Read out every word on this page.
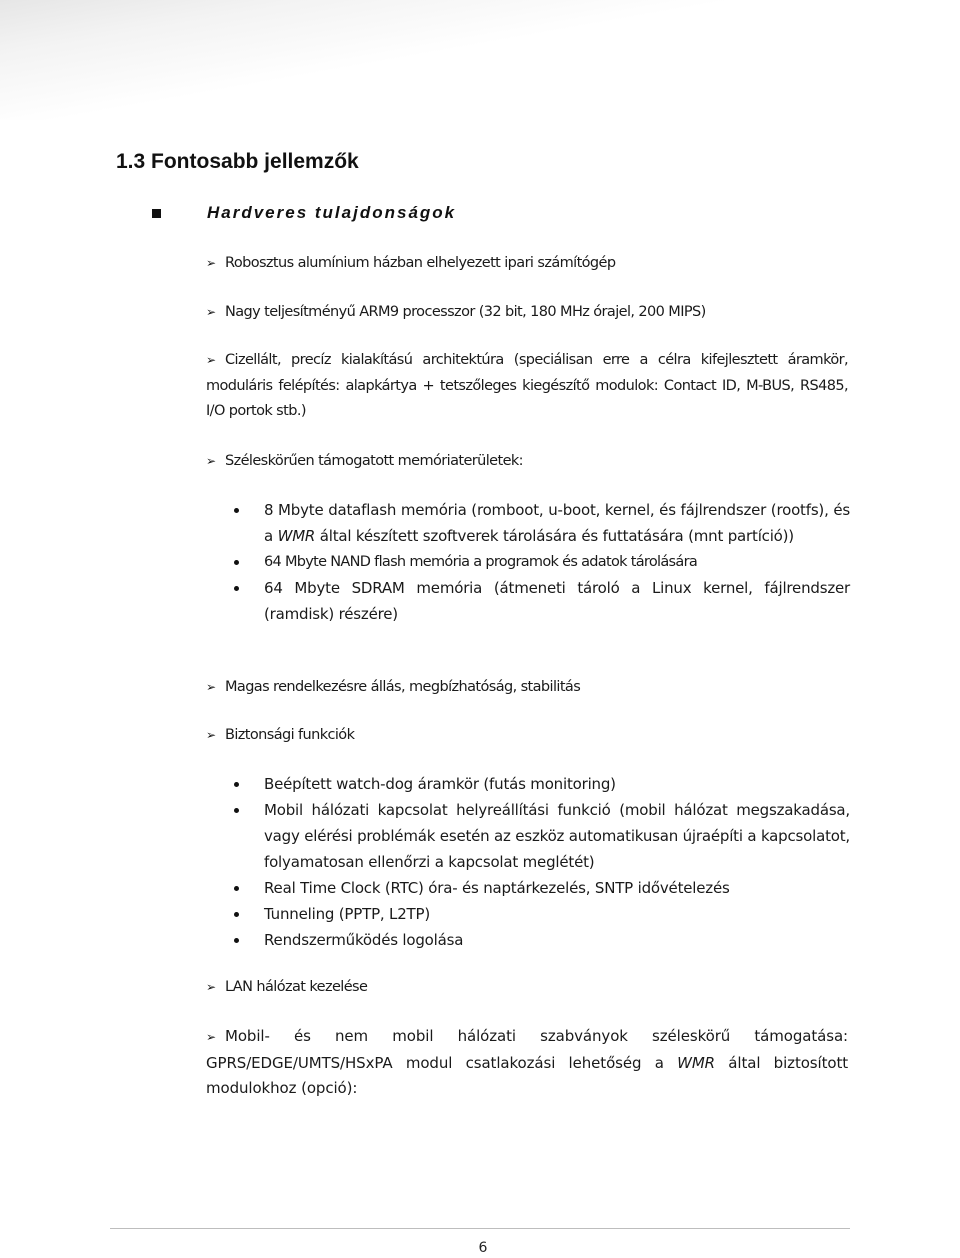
1.3 Fontosabb jellemzők
Hardveres tulajdonságok
➢ Robosztus alumínium házban elhelyezett ipari számítógép
➢ Nagy teljesítményű ARM9 processzor (32 bit, 180 MHz órajel, 200 MIPS)
➢ Cizellált, precíz kialakítású architektúra (speciálisan erre a célra kifejlesztett áramkör, moduláris felépítés: alapkártya + tetszőleges kiegészítő modulok: Contact ID, M-BUS, RS485, I/O portok stb.)
➢ Széleskörűen támogatott memóriaterületek:
8 Mbyte dataflash memória (romboot, u-boot, kernel, és fájlrendszer (rootfs), és a WMR által készített szoftverek tárolására és futtatására (mnt partíció))
64 Mbyte NAND flash memória a programok és adatok tárolására
64 Mbyte SDRAM memória (átmeneti tároló a Linux kernel, fájlrendszer (ramdisk) részére)
➢ Magas rendelkezésre állás, megbízhatóság, stabilitás
➢ Biztonsági funkciók
Beépített watch-dog áramkör (futás monitoring)
Mobil hálózati kapcsolat helyreállítási funkció (mobil hálózat megszakadása, vagy elérési problémák esetén az eszköz automatikusan újraépíti a kapcsolatot, folyamatosan ellenőrzi a kapcsolat meglétét)
Real Time Clock (RTC) óra- és naptárkezelés, SNTP idővételezés
Tunneling (PPTP, L2TP)
Rendszerműködés logolása
➢ LAN hálózat kezelése
➢ Mobil- és nem mobil hálózati szabványok széleskörű támogatása: GPRS/EDGE/UMTS/HSxPA modul csatlakozási lehetőség a WMR által biztosított modulokhoz (opció):
6
